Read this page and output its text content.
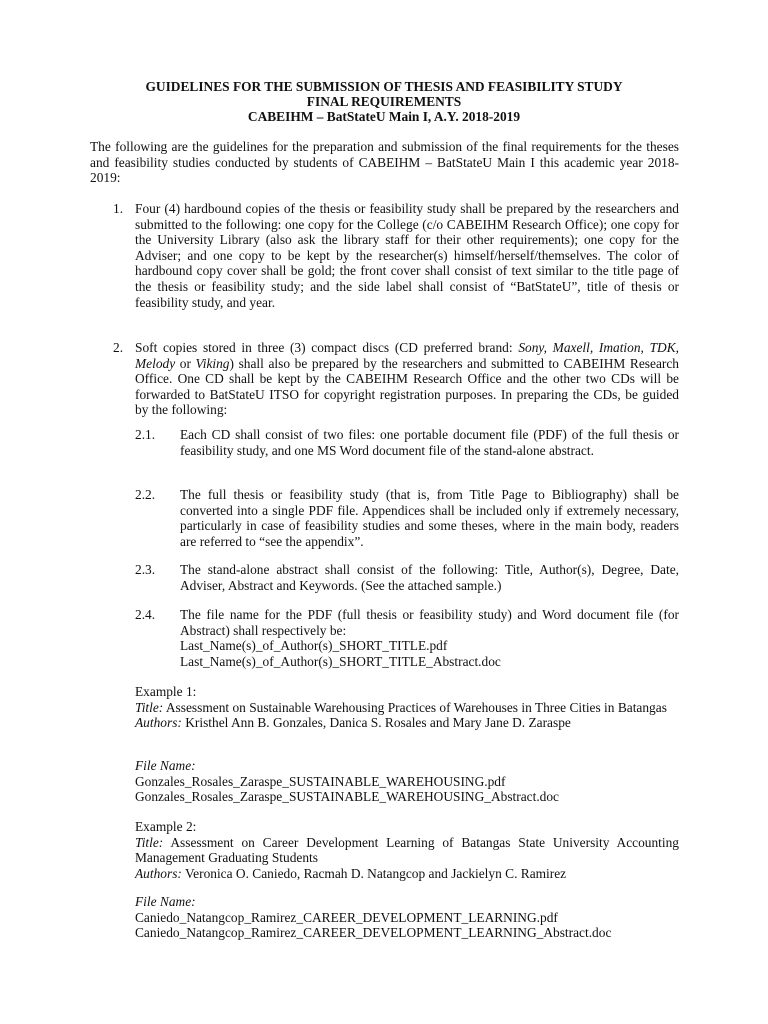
GUIDELINES FOR THE SUBMISSION OF THESIS AND FEASIBILITY STUDY
FINAL REQUIREMENTS
CABEIHM – BatStateU Main I, A.Y. 2018-2019

The following are the guidelines for the preparation and submission of the final requirements for the theses and feasibility studies conducted by students of CABEIHM – BatStateU Main I this academic year 2018-2019:

1. Four (4) hardbound copies of the thesis or feasibility study shall be prepared by the researchers and submitted to the following: one copy for the College (c/o CABEIHM Research Office); one copy for the University Library (also ask the library staff for their other requirements); one copy for the Adviser; and one copy to be kept by the researcher(s) himself/herself/themselves. The color of hardbound copy cover shall be gold; the front cover shall consist of text similar to the title page of the thesis or feasibility study; and the side label shall consist of “BatStateU”, title of thesis or feasibility study, and year.

2. Soft copies stored in three (3) compact discs (CD preferred brand: Sony, Maxell, Imation, TDK, Melody or Viking) shall also be prepared by the researchers and submitted to CABEIHM Research Office. One CD shall be kept by the CABEIHM Research Office and the other two CDs will be forwarded to BatStateU ITSO for copyright registration purposes. In preparing the CDs, be guided by the following:

2.1. Each CD shall consist of two files: one portable document file (PDF) of the full thesis or feasibility study, and one MS Word document file of the stand-alone abstract.

2.2. The full thesis or feasibility study (that is, from Title Page to Bibliography) shall be converted into a single PDF file. Appendices shall be included only if extremely necessary, particularly in case of feasibility studies and some theses, where in the main body, readers are referred to “see the appendix”.

2.3. The stand-alone abstract shall consist of the following: Title, Author(s), Degree, Date, Adviser, Abstract and Keywords. (See the attached sample.)

2.4. The file name for the PDF (full thesis or feasibility study) and Word document file (for Abstract) shall respectively be:

Last_Name(s)_of_Author(s)_SHORT_TITLE.pdf
Last_Name(s)_of_Author(s)_SHORT_TITLE_Abstract.doc
Example 1:
Title: Assessment on Sustainable Warehousing Practices of Warehouses in Three Cities in Batangas
Authors: Kristhel Ann B. Gonzales, Danica S. Rosales and Mary Jane D. Zaraspe
File Name:
Gonzales_Rosales_Zaraspe_SUSTAINABLE_WAREHOUSING.pdf
Gonzales_Rosales_Zaraspe_SUSTAINABLE_WAREHOUSING_Abstract.doc
Example 2:
Title: Assessment on Career Development Learning of Batangas State University Accounting Management Graduating Students
Authors: Veronica O. Caniedo, Racmah D. Natangcop and Jackielyn C. Ramirez
File Name:
Caniedo_Natangcop_Ramirez_CAREER_DEVELOPMENT_LEARNING.pdf
Caniedo_Natangcop_Ramirez_CAREER_DEVELOPMENT_LEARNING_Abstract.doc
